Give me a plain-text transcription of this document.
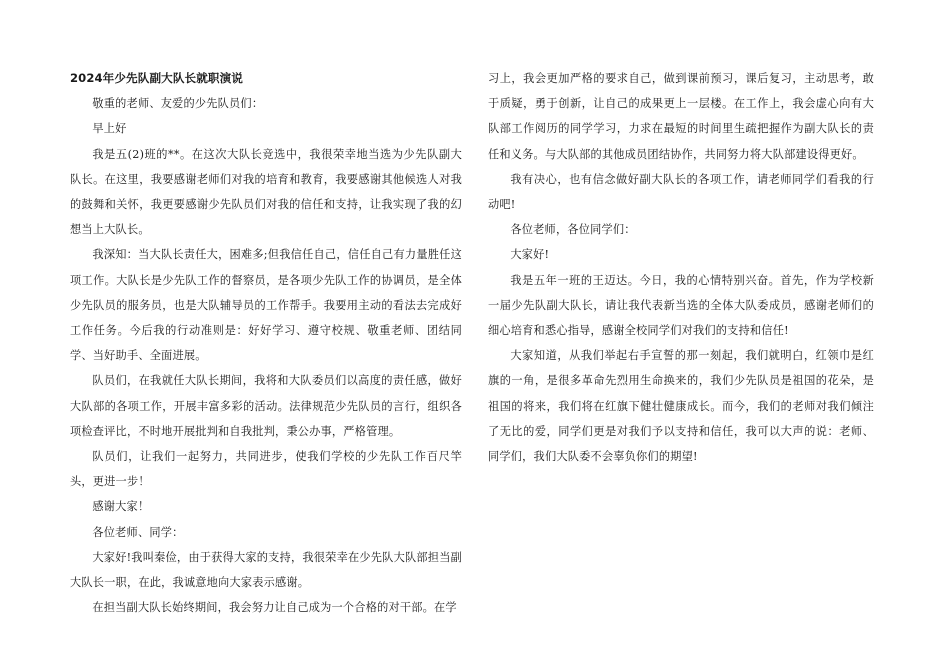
2024年少先队副大队长就职演说

敬重的老师、友爱的少先队员们：

早上好

我是五(2)班的**。在这次大队长竞选中，我很荣幸地当选为少先队副大队长。在这里，我要感谢老师们对我的培育和教育，我要感谢其他候选人对我的鼓舞和关怀，我更要感谢少先队员们对我的信任和支持，让我实现了我的幻想当上大队长。

我深知：当大队长责任大，困难多;但我信任自己，信任自己有力量胜任这项工作。大队长是少先队工作的督察员，是各项少先队工作的协调员，是全体少先队员的服务员，也是大队辅导员的工作帮手。我要用主动的看法去完成好工作任务。今后我的行动准则是：好好学习、遵守校规、敬重老师、团结同学、当好助手、全面进展。

队员们，在我就任大队长期间，我将和大队委员们以高度的责任感，做好大队部的各项工作，开展丰富多彩的活动。法律规范少先队员的言行，组织各项检查评比，不时地开展批判和自我批判，秉公办事，严格管理。

队员们，让我们一起努力，共同进步，使我们学校的少先队工作百尺竿头，更进一步！

感谢大家！

各位老师、同学：

大家好!我叫秦俭，由于获得大家的支持，我很荣幸在少先队大队部担当副大队长一职，在此，我诚意地向大家表示感谢。

在担当副大队长始终期间，我会努力让自己成为一个合格的对干部。在学

习上，我会更加严格的要求自己，做到课前预习，课后复习，主动思考，敢于质疑，勇于创新，让自己的成果更上一层楼。在工作上，我会虚心向有大队部工作阅历的同学学习，力求在最短的时间里生疏把握作为副大队长的责任和义务。与大队部的其他成员团结协作，共同努力将大队部建设得更好。

我有决心，也有信念做好副大队长的各项工作，请老师同学们看我的行动吧!

各位老师，各位同学们：

大家好!

我是五年一班的王迈达。今日，我的心情特别兴奋。首先，作为学校新一届少先队副大队长，请让我代表新当选的全体大队委成员，感谢老师们的细心培育和悉心指导，感谢全校同学们对我们的支持和信任!

大家知道，从我们举起右手宣誓的那一刻起，我们就明白，红领巾是红旗的一角，是很多革命先烈用生命换来的，我们少先队员是祖国的花朵，是祖国的将来，我们将在红旗下健壮健康成长。而今，我们的老师对我们倾注了无比的爱，同学们更是对我们予以支持和信任，我可以大声的说：老师、同学们，我们大队委不会辜负你们的期望!
